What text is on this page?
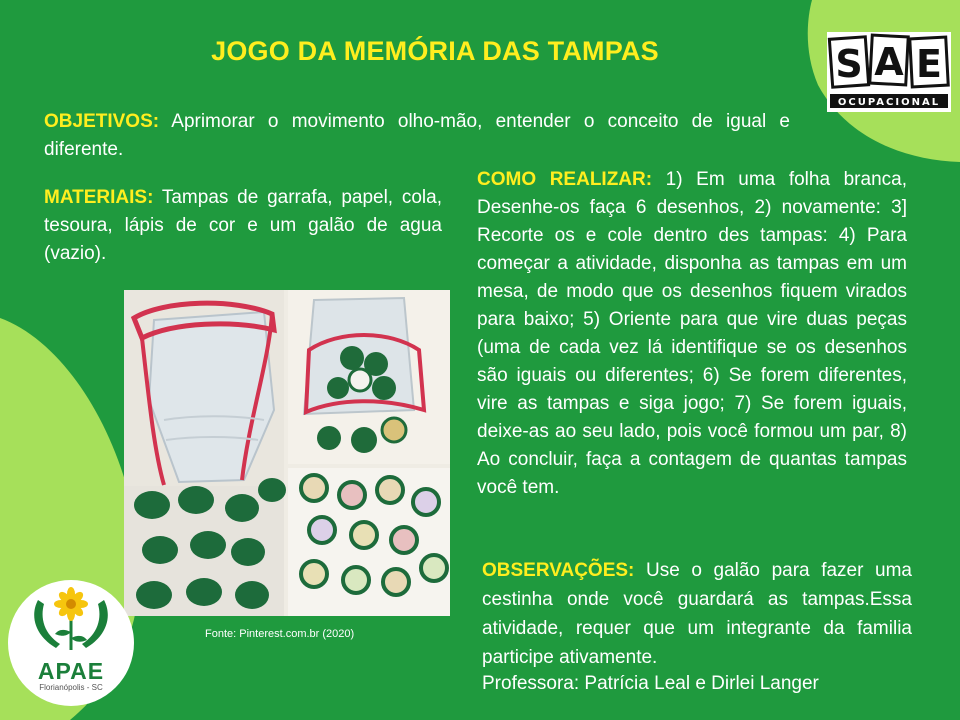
JOGO DA MEMÓRIA DAS TAMPAS	S A E
OCUPACIONAL

OBJETIVOS: Aprimorar o movimento olho-mão, entender o conceito de igual e diferente.

MATERIAIS: Tampas de garrafa, papel, cola, tesoura, lápis de cor e um galão de agua (vazio).

COMO REALIZAR: 1) Em uma folha branca, Desenhe-os faça 6 desenhos, 2) novamente: 3] Recorte os e cole dentro des tampas: 4) Para começar a atividade, disponha as tampas em um mesa, de modo que os desenhos fiquem virados para baixo; 5) Oriente para que vire duas peças (uma de cada vez lá identifique se os desenhos são iguais ou diferentes; 6) Se forem diferentes, vire as tampas e siga jogo; 7) Se forem iguais, deixe-as ao seu lado, pois você formou um par, 8) Ao concluir, faça a contagem de quantas tampas você tem.

Fonte: Pinterest.com.br (2020)

OBSERVAÇÕES: Use o galão para fazer uma cestinha onde você guardará as tampas.Essa atividade, requer que um integrante da familia participe ativamente.

Professora: Patrícia Leal e Dirlei Langer
APAE
Florianópolis - SC
